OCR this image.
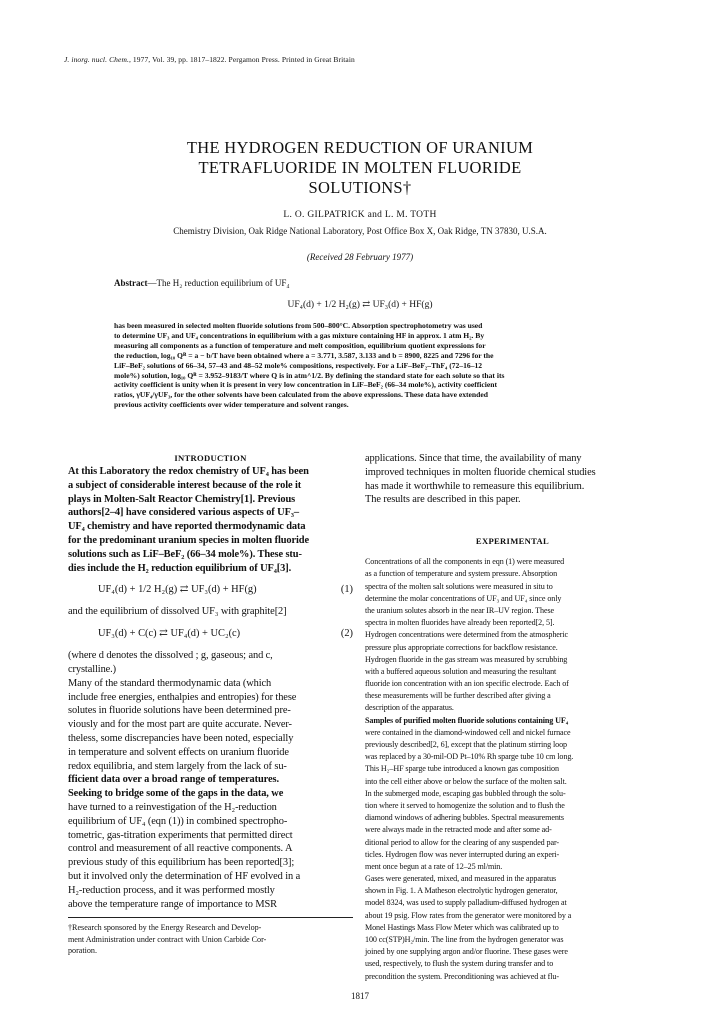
J. inorg. nucl. Chem., 1977, Vol. 39, pp. 1817–1822. Pergamon Press. Printed in Great Britain
THE HYDROGEN REDUCTION OF URANIUM
TETRAFLUORIDE IN MOLTEN FLUORIDE
SOLUTIONS†
L. O. GILPATRICK and L. M. TOTH
Chemistry Division, Oak Ridge National Laboratory, Post Office Box X, Oak Ridge, TN 37830, U.S.A.
(Received 28 February 1977)
Abstract—The H₂ reduction equilibrium of UF₄
UF₄(d) + 1/2 H₂(g) ⇄ UF₃(d) + HF(g)
has been measured in selected molten fluoride solutions from 500–800°C. Absorption spectrophotometry was used
to determine UF₃ and UF₄ concentrations in equilibrium with a gas mixture containing HF in approx. 1 atm H₂. By
measuring all components as a function of temperature and melt composition, equilibrium quotient expressions for
the reduction, log₁₀ Qᴿ = a − b/T have been obtained where a = 3.771, 3.587, 3.133 and b = 8900, 8225 and 7296 for the
LiF–BeF₂ solutions of 66–34, 57–43 and 48–52 mole% compositions, respectively. For a LiF–BeF₂–ThF₄ (72–16–12
mole%) solution, log₁₀ Qᴿ = 3.952–9183/T where Q is in atm^1/2. By defining the standard state for each solute so that its
activity coefficient is unity when it is present in very low concentration in LiF–BeF₂ (66–34 mole%), activity coefficient
ratios, γUF₄/γUF₃, for the other solvents have been calculated from the above expressions. These data have extended
previous activity coefficients over wider temperature and solvent ranges.
INTRODUCTION
At this Laboratory the redox chemistry of UF₄ has been
a subject of considerable interest because of the role it
plays in Molten-Salt Reactor Chemistry[1]. Previous
authors[2–4] have considered various aspects of UF₃–
UF₄ chemistry and have reported thermodynamic data
for the predominant uranium species in molten fluoride
solutions such as LiF–BeF₂ (66–34 mole%). These stu-
dies include the H₂ reduction equilibrium of UF₄[3].
UF₄(d) + 1/2 H₂(g) ⇄ UF₃(d) + HF(g)	(1)
and the equilibrium of dissolved UF₃ with graphite[2]
UF₃(d) + C(c) ⇄ UF₄(d) + UC₂(c)	(2)
(where d denotes the dissolved ; g, gaseous; and c,
crystalline.)
Many of the standard thermodynamic data (which
include free energies, enthalpies and entropies) for these
solutes in fluoride solutions have been determined pre-
viously and for the most part are quite accurate. Never-
theless, some discrepancies have been noted, especially
in temperature and solvent effects on uranium fluoride
redox equilibria, and stem largely from the lack of su-
fficient data over a broad range of temperatures.
Seeking to bridge some of the gaps in the data, we
have turned to a reinvestigation of the H₂-reduction
equilibrium of UF₄ (eqn (1)) in combined spectropho-
tometric, gas-titration experiments that permitted direct
control and measurement of all reactive components. A
previous study of this equilibrium has been reported[3];
but it involved only the determination of HF evolved in a
H₂-reduction process, and it was performed mostly
above the temperature range of importance to MSR
†Research sponsored by the Energy Research and Develop-
ment Administration under contract with Union Carbide Cor-
poration.
applications. Since that time, the availability of many
improved techniques in molten fluoride chemical studies
has made it worthwhile to remeasure this equilibrium.
The results are described in this paper.
EXPERIMENTAL
Concentrations of all the components in eqn (1) were measured
as a function of temperature and system pressure. Absorption
spectra of the molten salt solutions were measured in situ to
determine the molar concentrations of UF₃ and UF₄ since only
the uranium solutes absorb in the near IR–UV region. These
spectra in molten fluorides have already been reported[2, 5].
Hydrogen concentrations were determined from the atmospheric
pressure plus appropriate corrections for backflow resistance.
Hydrogen fluoride in the gas stream was measured by scrubbing
with a buffered aqueous solution and measuring the resultant
fluoride ion concentration with an ion specific electrode. Each of
these measurements will be further described after giving a
description of the apparatus.
Samples of purified molten fluoride solutions containing UF₄
were contained in the diamond-windowed cell and nickel furnace
previously described[2, 6], except that the platinum stirring loop
was replaced by a 30-mil-OD Pt–10% Rh sparge tube 10 cm long.
This H₂–HF sparge tube introduced a known gas composition
into the cell either above or below the surface of the molten salt.
In the submerged mode, escaping gas bubbled through the solu-
tion where it served to homogenize the solution and to flush the
diamond windows of adhering bubbles. Spectral measurements
were always made in the retracted mode and after some ad-
ditional period to allow for the clearing of any suspended par-
ticles. Hydrogen flow was never interrupted during an experi-
ment once begun at a rate of 12–25 ml/min.
Gases were generated, mixed, and measured in the apparatus
shown in Fig. 1. A Matheson electrolytic hydrogen generator,
model 8324, was used to supply palladium-diffused hydrogen at
about 19 psig. Flow rates from the generator were monitored by a
Monel Hastings Mass Flow Meter which was calibrated up to
100 cc(STP)H₂/min. The line from the hydrogen generator was
joined by one supplying argon and/or fluorine. These gases were
used, respectively, to flush the system during transfer and to
precondition the system. Preconditioning was achieved at flu-
1817
